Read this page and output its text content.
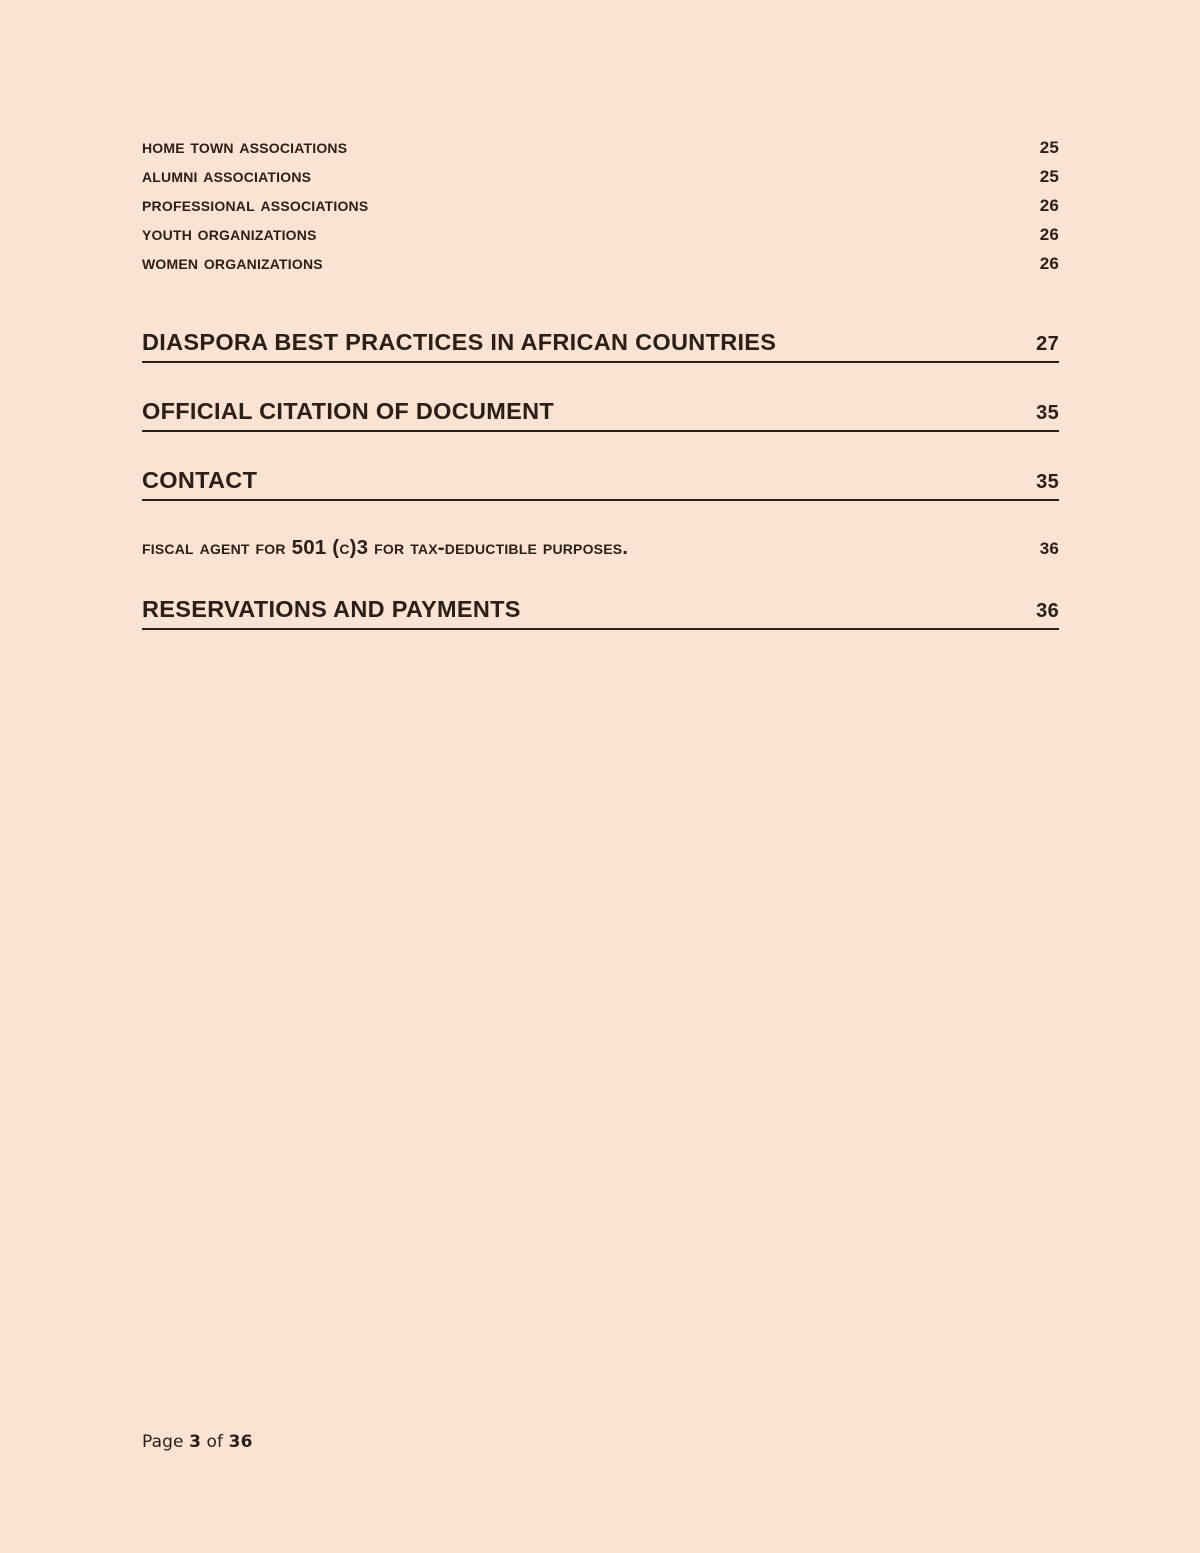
home town associations	25
alumni associations	25
professional associations	26
youth organizations	26
women organizations	26
DIASPORA BEST PRACTICES IN AFRICAN COUNTRIES	27
OFFICIAL CITATION OF DOCUMENT	35
CONTACT	35
fiscal agent for 501 (c)3 for tax-deductible purposes.	36
RESERVATIONS AND PAYMENTS	36
Page 3 of 36
